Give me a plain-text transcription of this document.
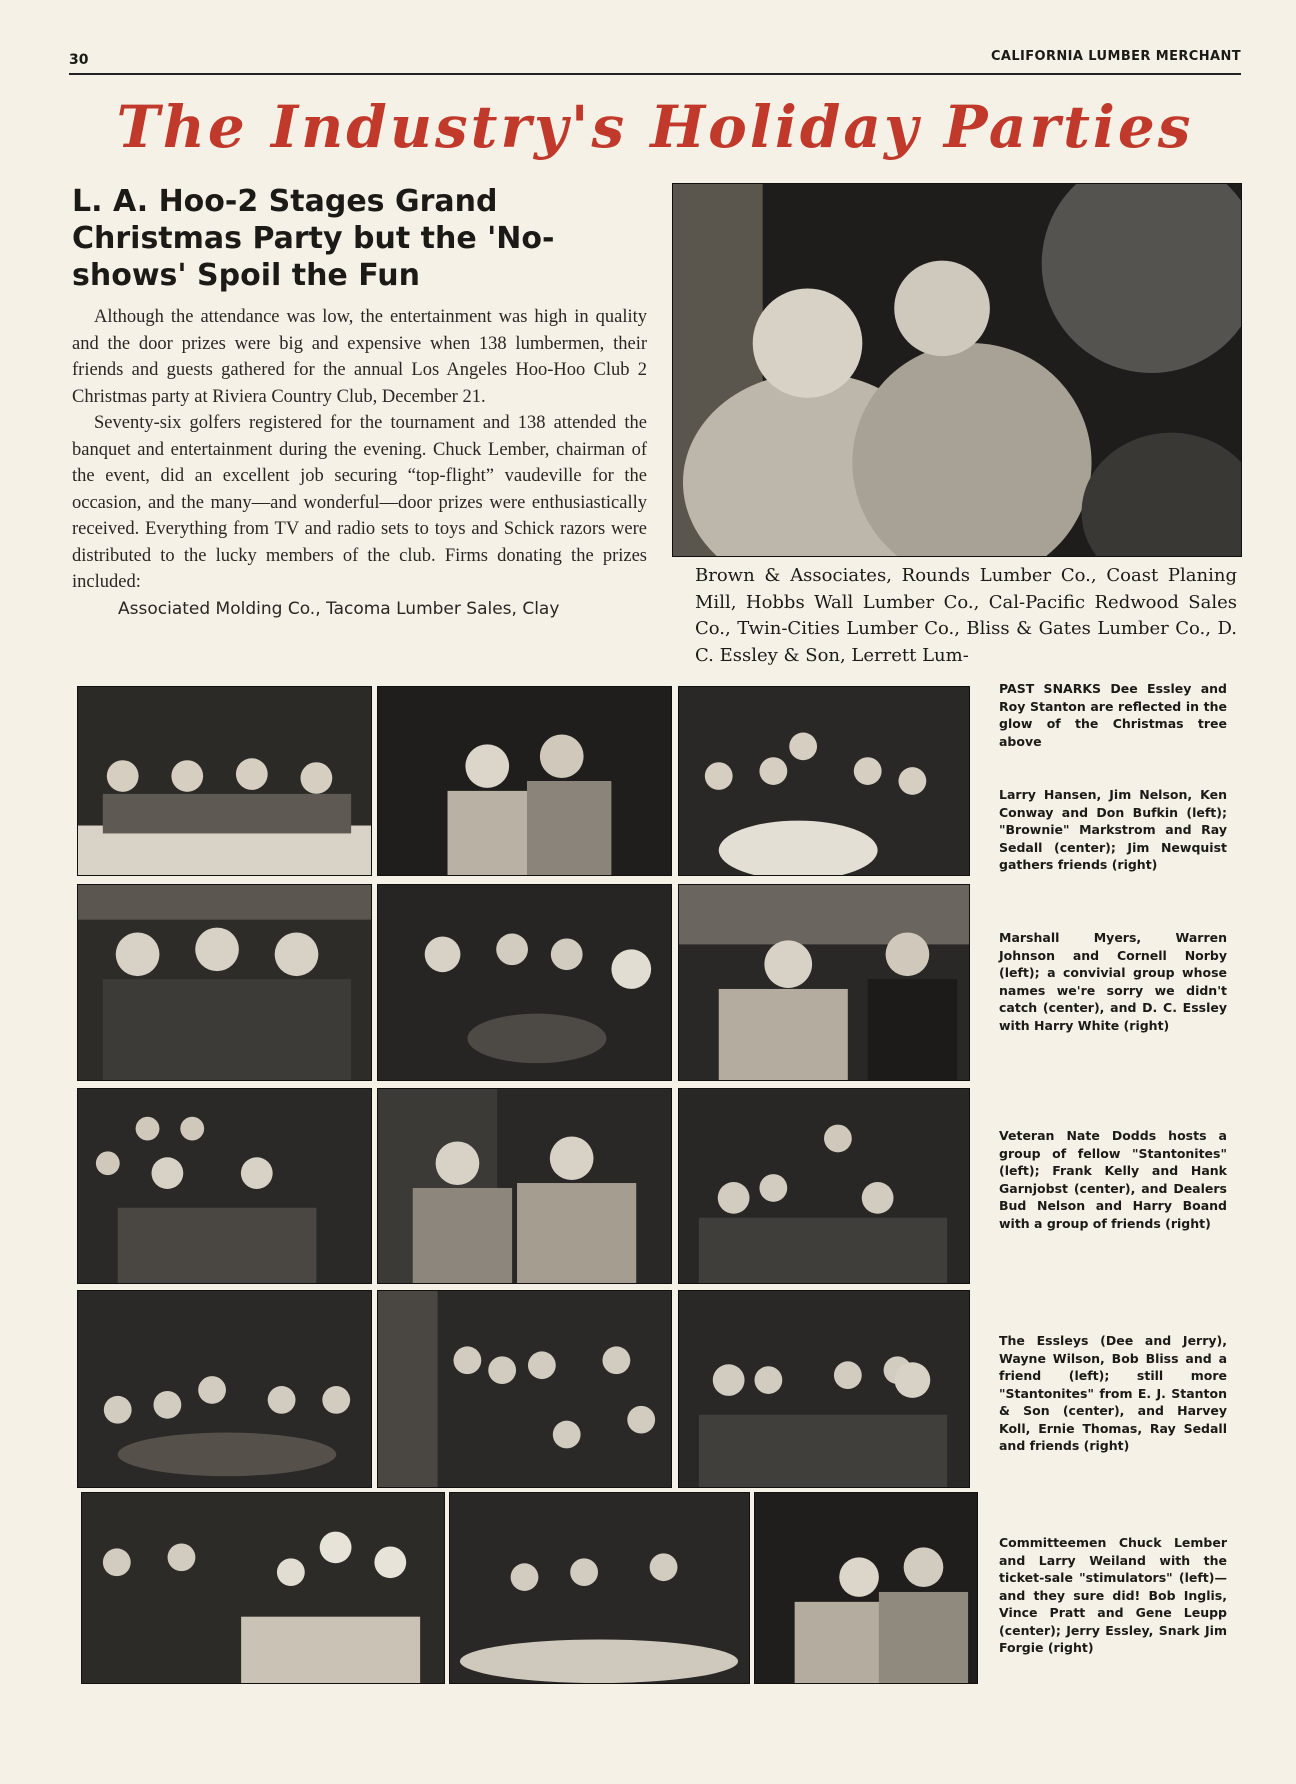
30	CALIFORNIA LUMBER MERCHANT
The Industry's Holiday Parties
L. A. Hoo-2 Stages Grand Christmas Party but the 'No-shows' Spoil the Fun

Although the attendance was low, the entertainment was high in quality and the door prizes were big and expensive when 138 lumbermen, their friends and guests gathered for the annual Los Angeles Hoo-Hoo Club 2 Christmas party at Riviera Country Club, December 21.

Seventy-six golfers registered for the tournament and 138 attended the banquet and entertainment during the evening. Chuck Lember, chairman of the event, did an excellent job securing “top-flight” vaudeville for the occasion, and the many—and wonderful—door prizes were enthusiastically received. Everything from TV and radio sets to toys and Schick razors were distributed to the lucky members of the club. Firms donating the prizes included:

Associated Molding Co., Tacoma Lumber Sales, Clay

Brown & Associates, Rounds Lumber Co., Coast Planing Mill, Hobbs Wall Lumber Co., Cal-Pacific Redwood Sales Co., Twin-Cities Lumber Co., Bliss & Gates Lumber Co., D. C. Essley & Son, Lerrett Lum-
PAST SNARKS Dee Essley and Roy Stanton are reflected in the glow of the Christmas tree above
Larry Hansen, Jim Nelson, Ken Conway and Don Bufkin (left); "Brownie" Markstrom and Ray Sedall (center); Jim Newquist gathers friends (right)
Marshall Myers, Warren Johnson and Cornell Norby (left); a convivial group whose names we're sorry we didn't catch (center), and D. C. Essley with Harry White (right)
Veteran Nate Dodds hosts a group of fellow "Stantonites" (left); Frank Kelly and Hank Garnjobst (center), and Dealers Bud Nelson and Harry Boand with a group of friends (right)
The Essleys (Dee and Jerry), Wayne Wilson, Bob Bliss and a friend (left); still more "Stantonites" from E. J. Stanton & Son (center), and Harvey Koll, Ernie Thomas, Ray Sedall and friends (right)
Committeemen Chuck Lember and Larry Weiland with the ticket-sale "stimulators" (left)—and they sure did! Bob Inglis, Vince Pratt and Gene Leupp (center); Jerry Essley, Snark Jim Forgie (right)
